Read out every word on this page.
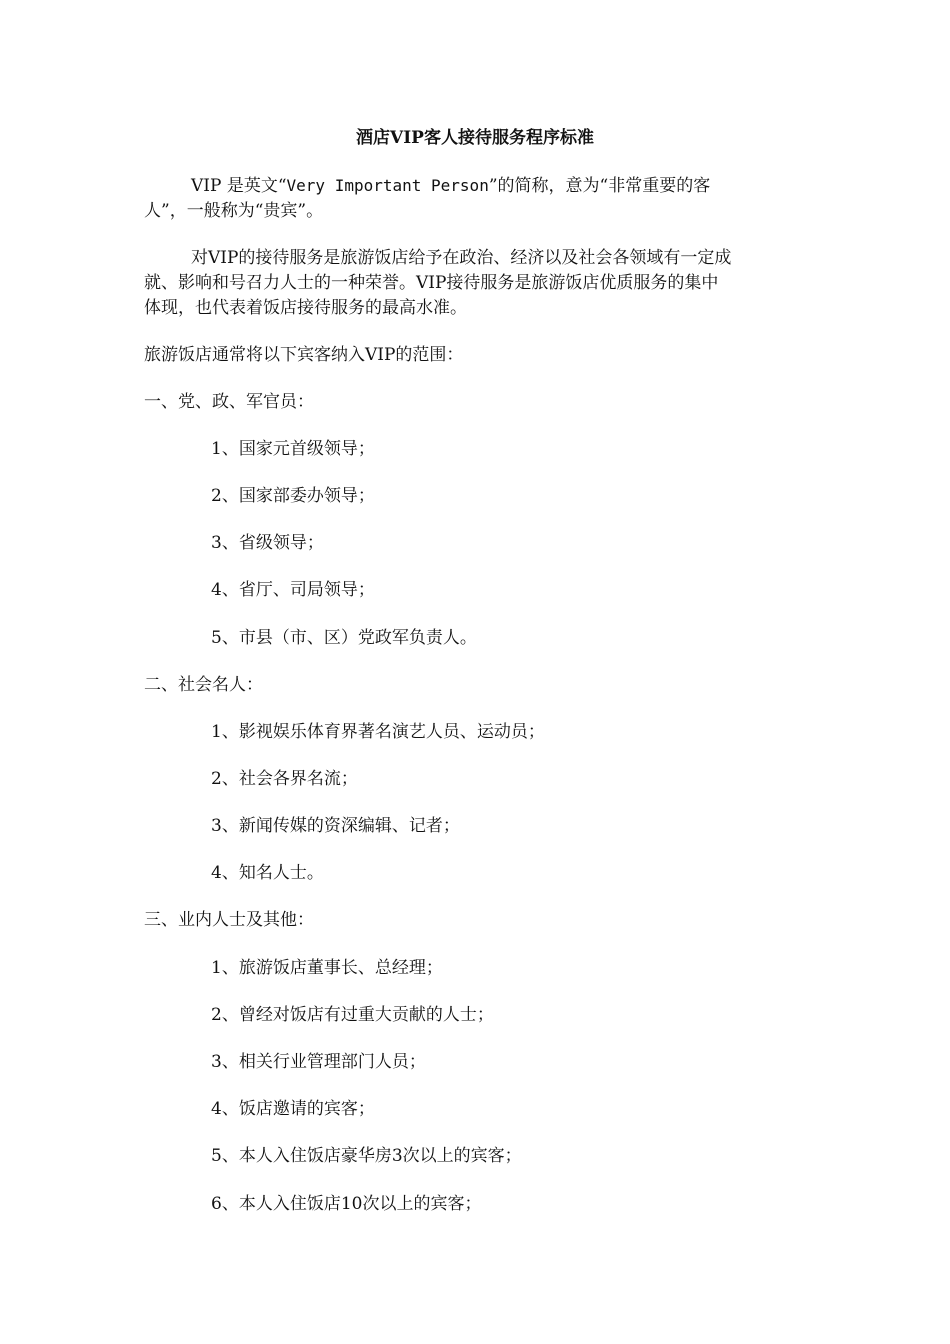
酒店VIP客人接待服务程序标准
VIP 是英文“Very Important Person”的简称，意为“非常重要的客
人”，一般称为“贵宾”。
对VIP的接待服务是旅游饭店给予在政治、经济以及社会各领域有一定成
就、影响和号召力人士的一种荣誉。VIP接待服务是旅游饭店优质服务的集中
体现，也代表着饭店接待服务的最高水准。
旅游饭店通常将以下宾客纳入VIP的范围：
一、党、政、军官员：
1、国家元首级领导；
2、国家部委办领导；
3、省级领导；
4、省厅、司局领导；
5、市县（市、区）党政军负责人。
二、社会名人：
1、影视娱乐体育界著名演艺人员、运动员；
2、社会各界名流；
3、新闻传媒的资深编辑、记者；
4、知名人士。
三、业内人士及其他：
1、旅游饭店董事长、总经理；
2、曾经对饭店有过重大贡献的人士；
3、相关行业管理部门人员；
4、饭店邀请的宾客；
5、本人入住饭店豪华房3次以上的宾客；
6、本人入住饭店10次以上的宾客；
